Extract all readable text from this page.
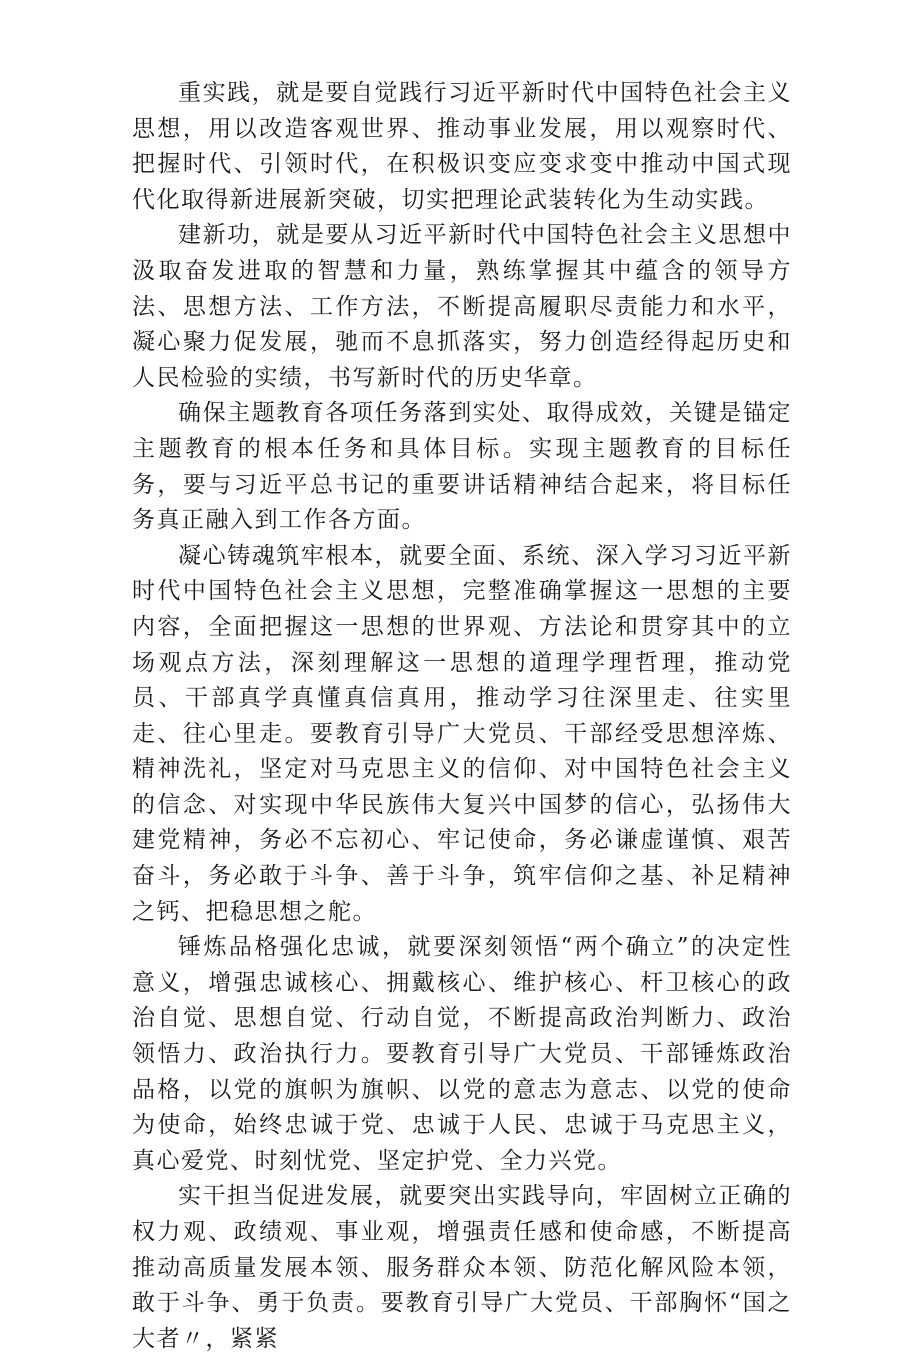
重实践，就是要自觉践行习近平新时代中国特色社会主义思想，用以改造客观世界、推动事业发展，用以观察时代、把握时代、引领时代，在积极识变应变求变中推动中国式现代化取得新进展新突破，切实把理论武装转化为生动实践。

建新功，就是要从习近平新时代中国特色社会主义思想中汲取奋发进取的智慧和力量，熟练掌握其中蕴含的领导方法、思想方法、工作方法，不断提高履职尽责能力和水平，凝心聚力促发展，驰而不息抓落实，努力创造经得起历史和人民检验的实绩，书写新时代的历史华章。

确保主题教育各项任务落到实处、取得成效，关键是锚定主题教育的根本任务和具体目标。实现主题教育的目标任务，要与习近平总书记的重要讲话精神结合起来，将目标任务真正融入到工作各方面。

凝心铸魂筑牢根本，就要全面、系统、深入学习习近平新时代中国特色社会主义思想，完整准确掌握这一思想的主要内容，全面把握这一思想的世界观、方法论和贯穿其中的立场观点方法，深刻理解这一思想的道理学理哲理，推动党员、干部真学真懂真信真用，推动学习往深里走、往实里走、往心里走。要教育引导广大党员、干部经受思想淬炼、精神洗礼，坚定对马克思主义的信仰、对中国特色社会主义的信念、对实现中华民族伟大复兴中国梦的信心，弘扬伟大建党精神，务必不忘初心、牢记使命，务必谦虚谨慎、艰苦奋斗，务必敢于斗争、善于斗争，筑牢信仰之基、补足精神之钙、把稳思想之舵。

锤炼品格强化忠诚，就要深刻领悟“两个确立”的决定性意义，增强忠诚核心、拥戴核心、维护核心、杆卫核心的政治自觉、思想自觉、行动自觉，不断提高政治判断力、政治领悟力、政治执行力。要教育引导广大党员、干部锤炼政治品格，以党的旗帜为旗帜、以党的意志为意志、以党的使命为使命，始终忠诚于党、忠诚于人民、忠诚于马克思主义，真心爱党、时刻忧党、坚定护党、全力兴党。

实干担当促进发展，就要突出实践导向，牢固树立正确的权力观、政绩观、事业观，增强责任感和使命感，不断提高推动高质量发展本领、服务群众本领、防范化解风险本领，敢于斗争、勇于负责。要教育引导广大党员、干部胸怀“国之大者〃，紧紧
